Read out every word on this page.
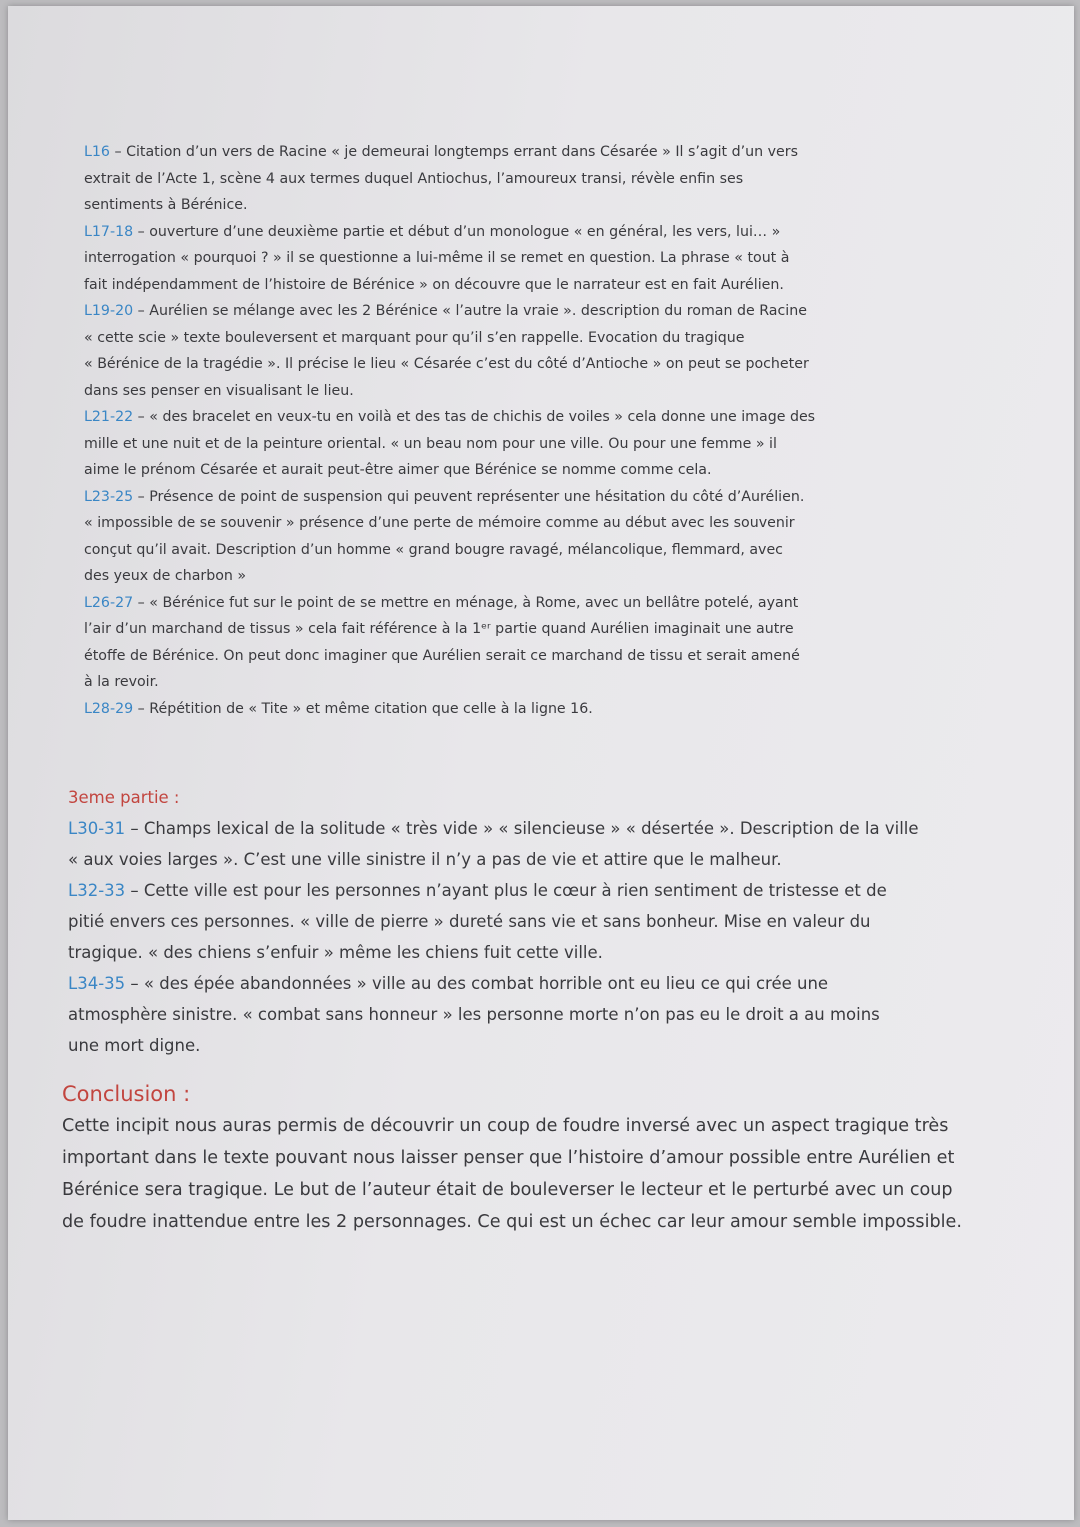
L16 – Citation d’un vers de Racine « je demeurai longtemps errant dans Césarée » Il s’agit d’un vers
extrait de l’Acte 1, scène 4 aux termes duquel Antiochus, l’amoureux transi, révèle enfin ses
sentiments à Bérénice.
L17-18 – ouverture d’une deuxième partie et début d’un monologue « en général, les vers, lui… »
interrogation « pourquoi ? » il se questionne a lui-même il se remet en question. La phrase « tout à
fait indépendamment de l’histoire de Bérénice » on découvre que le narrateur est en fait Aurélien.
L19-20 – Aurélien se mélange avec les 2 Bérénice « l’autre la vraie ». description du roman de Racine
« cette scie » texte bouleversent et marquant pour qu’il s’en rappelle. Evocation du tragique
« Bérénice de la tragédie ». Il précise le lieu « Césarée c’est du côté d’Antioche » on peut se pocheter
dans ses penser en visualisant le lieu.
L21-22 – « des bracelet en veux-tu en voilà et des tas de chichis de voiles » cela donne une image des
mille et une nuit et de la peinture oriental. « un beau nom pour une ville. Ou pour une femme » il
aime le prénom Césarée et aurait peut-être aimer que Bérénice se nomme comme cela.
L23-25 – Présence de point de suspension qui peuvent représenter une hésitation du côté d’Aurélien.
« impossible de se souvenir » présence d’une perte de mémoire comme au début avec les souvenir
conçut qu’il avait. Description d’un homme « grand bougre ravagé, mélancolique, flemmard, avec
des yeux de charbon »
L26-27 – « Bérénice fut sur le point de se mettre en ménage, à Rome, avec un bellâtre potelé, ayant
l’air d’un marchand de tissus » cela fait référence à la 1ᵉʳ partie quand Aurélien imaginait une autre
étoffe de Bérénice. On peut donc imaginer que Aurélien serait ce marchand de tissu et serait amené
à la revoir.
L28-29 – Répétition de « Tite » et même citation que celle à la ligne 16.
3eme partie :
L30-31 – Champs lexical de la solitude « très vide » « silencieuse » « désertée ». Description de la ville
« aux voies larges ». C’est une ville sinistre il n’y a pas de vie et attire que le malheur.
L32-33 – Cette ville est pour les personnes n’ayant plus le cœur à rien sentiment de tristesse et de
pitié envers ces personnes. « ville de pierre » dureté sans vie et sans bonheur. Mise en valeur du
tragique. « des chiens s’enfuir » même les chiens fuit cette ville.
L34-35 – « des épée abandonnées » ville au des combat horrible ont eu lieu ce qui crée une
atmosphère sinistre. « combat sans honneur » les personne morte n’on pas eu le droit a au moins
une mort digne.
Conclusion :
Cette incipit nous auras permis de découvrir un coup de foudre inversé avec un aspect tragique très
important dans le texte pouvant nous laisser penser que l’histoire d’amour possible entre Aurélien et
Bérénice sera tragique. Le but de l’auteur était de bouleverser le lecteur et le perturbé avec un coup
de foudre inattendue entre les 2 personnages. Ce qui est un échec car leur amour semble impossible.
